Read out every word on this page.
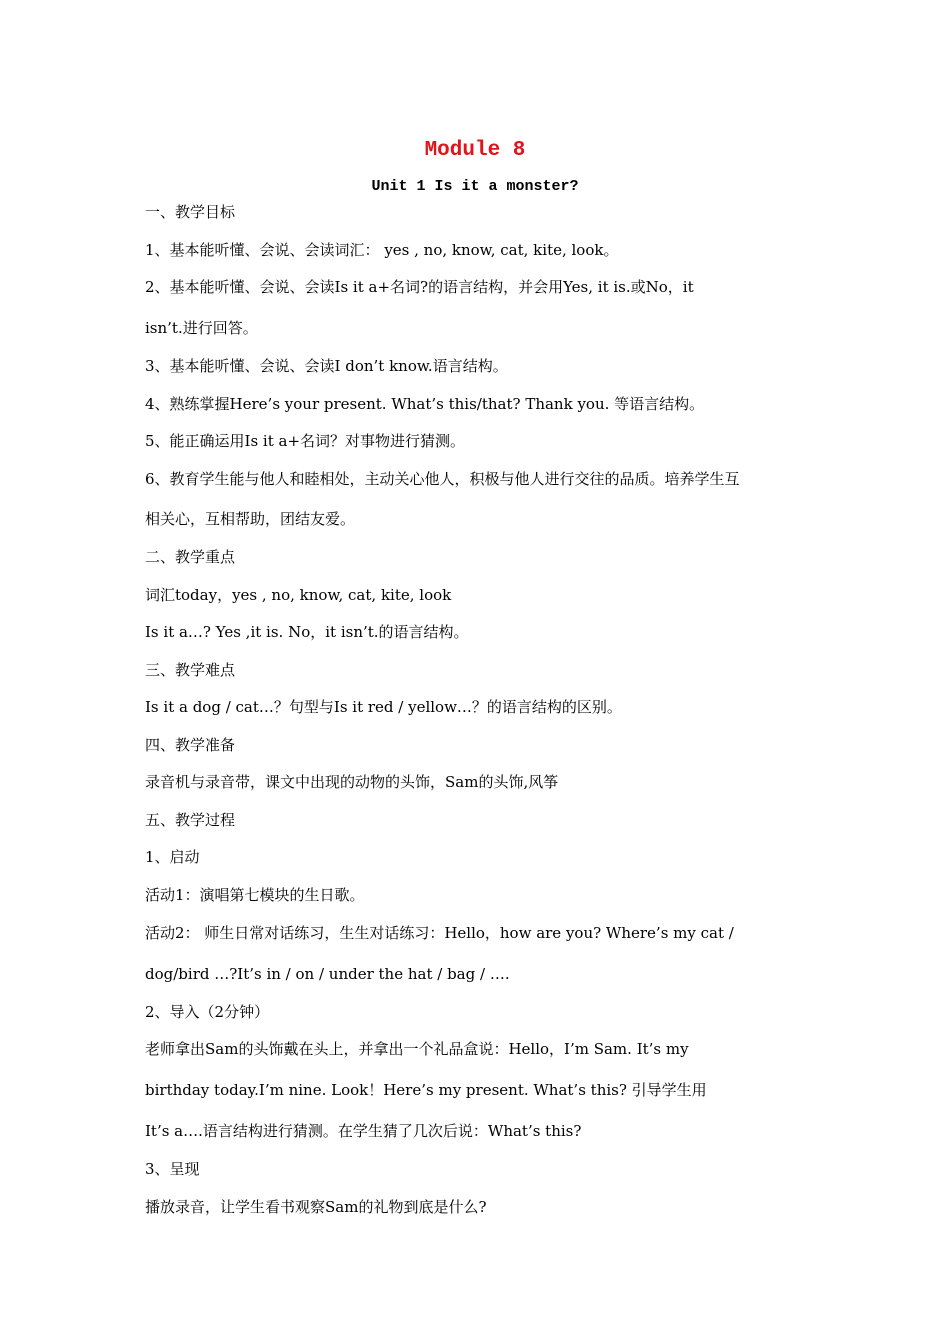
Module 8
Unit 1 Is it a monster?
一、教学目标
1、基本能听懂、会说、会读词汇： yes , no, know, cat, kite, look。
2、基本能听懂、会说、会读Is it a+名词?的语言结构，并会用Yes, it is.或No，it
isn’t.进行回答。
3、基本能听懂、会说、会读I don’t know.语言结构。
4、熟练掌握Here’s your present. What’s this/that? Thank you. 等语言结构。
5、能正确运用Is it a+名词？对事物进行猜测。
6、教育学生能与他人和睦相处，主动关心他人，积极与他人进行交往的品质。培养学生互
相关心，互相帮助，团结友爱。
二、教学重点
词汇today，yes , no, know, cat, kite, look
Is it a…? Yes ,it is. No，it isn’t.的语言结构。
三、教学难点
Is it a dog / cat…？句型与Is it red / yellow…？的语言结构的区别。
四、教学准备
录音机与录音带，课文中出现的动物的头饰，Sam的头饰,风筝
五、教学过程
1、启动
活动1：演唱第七模块的生日歌。
活动2： 师生日常对话练习，生生对话练习：Hello，how are you? Where’s my cat /
dog/bird …?It’s in / on / under the hat / bag / ….
2、导入（2分钟）
老师拿出Sam的头饰戴在头上，并拿出一个礼品盒说：Hello，I’m Sam. It’s my
birthday today.I’m nine. Look！Here’s my present. What’s this? 引导学生用
It’s a….语言结构进行猜测。在学生猜了几次后说：What’s this?
3、呈现
播放录音，让学生看书观察Sam的礼物到底是什么?
